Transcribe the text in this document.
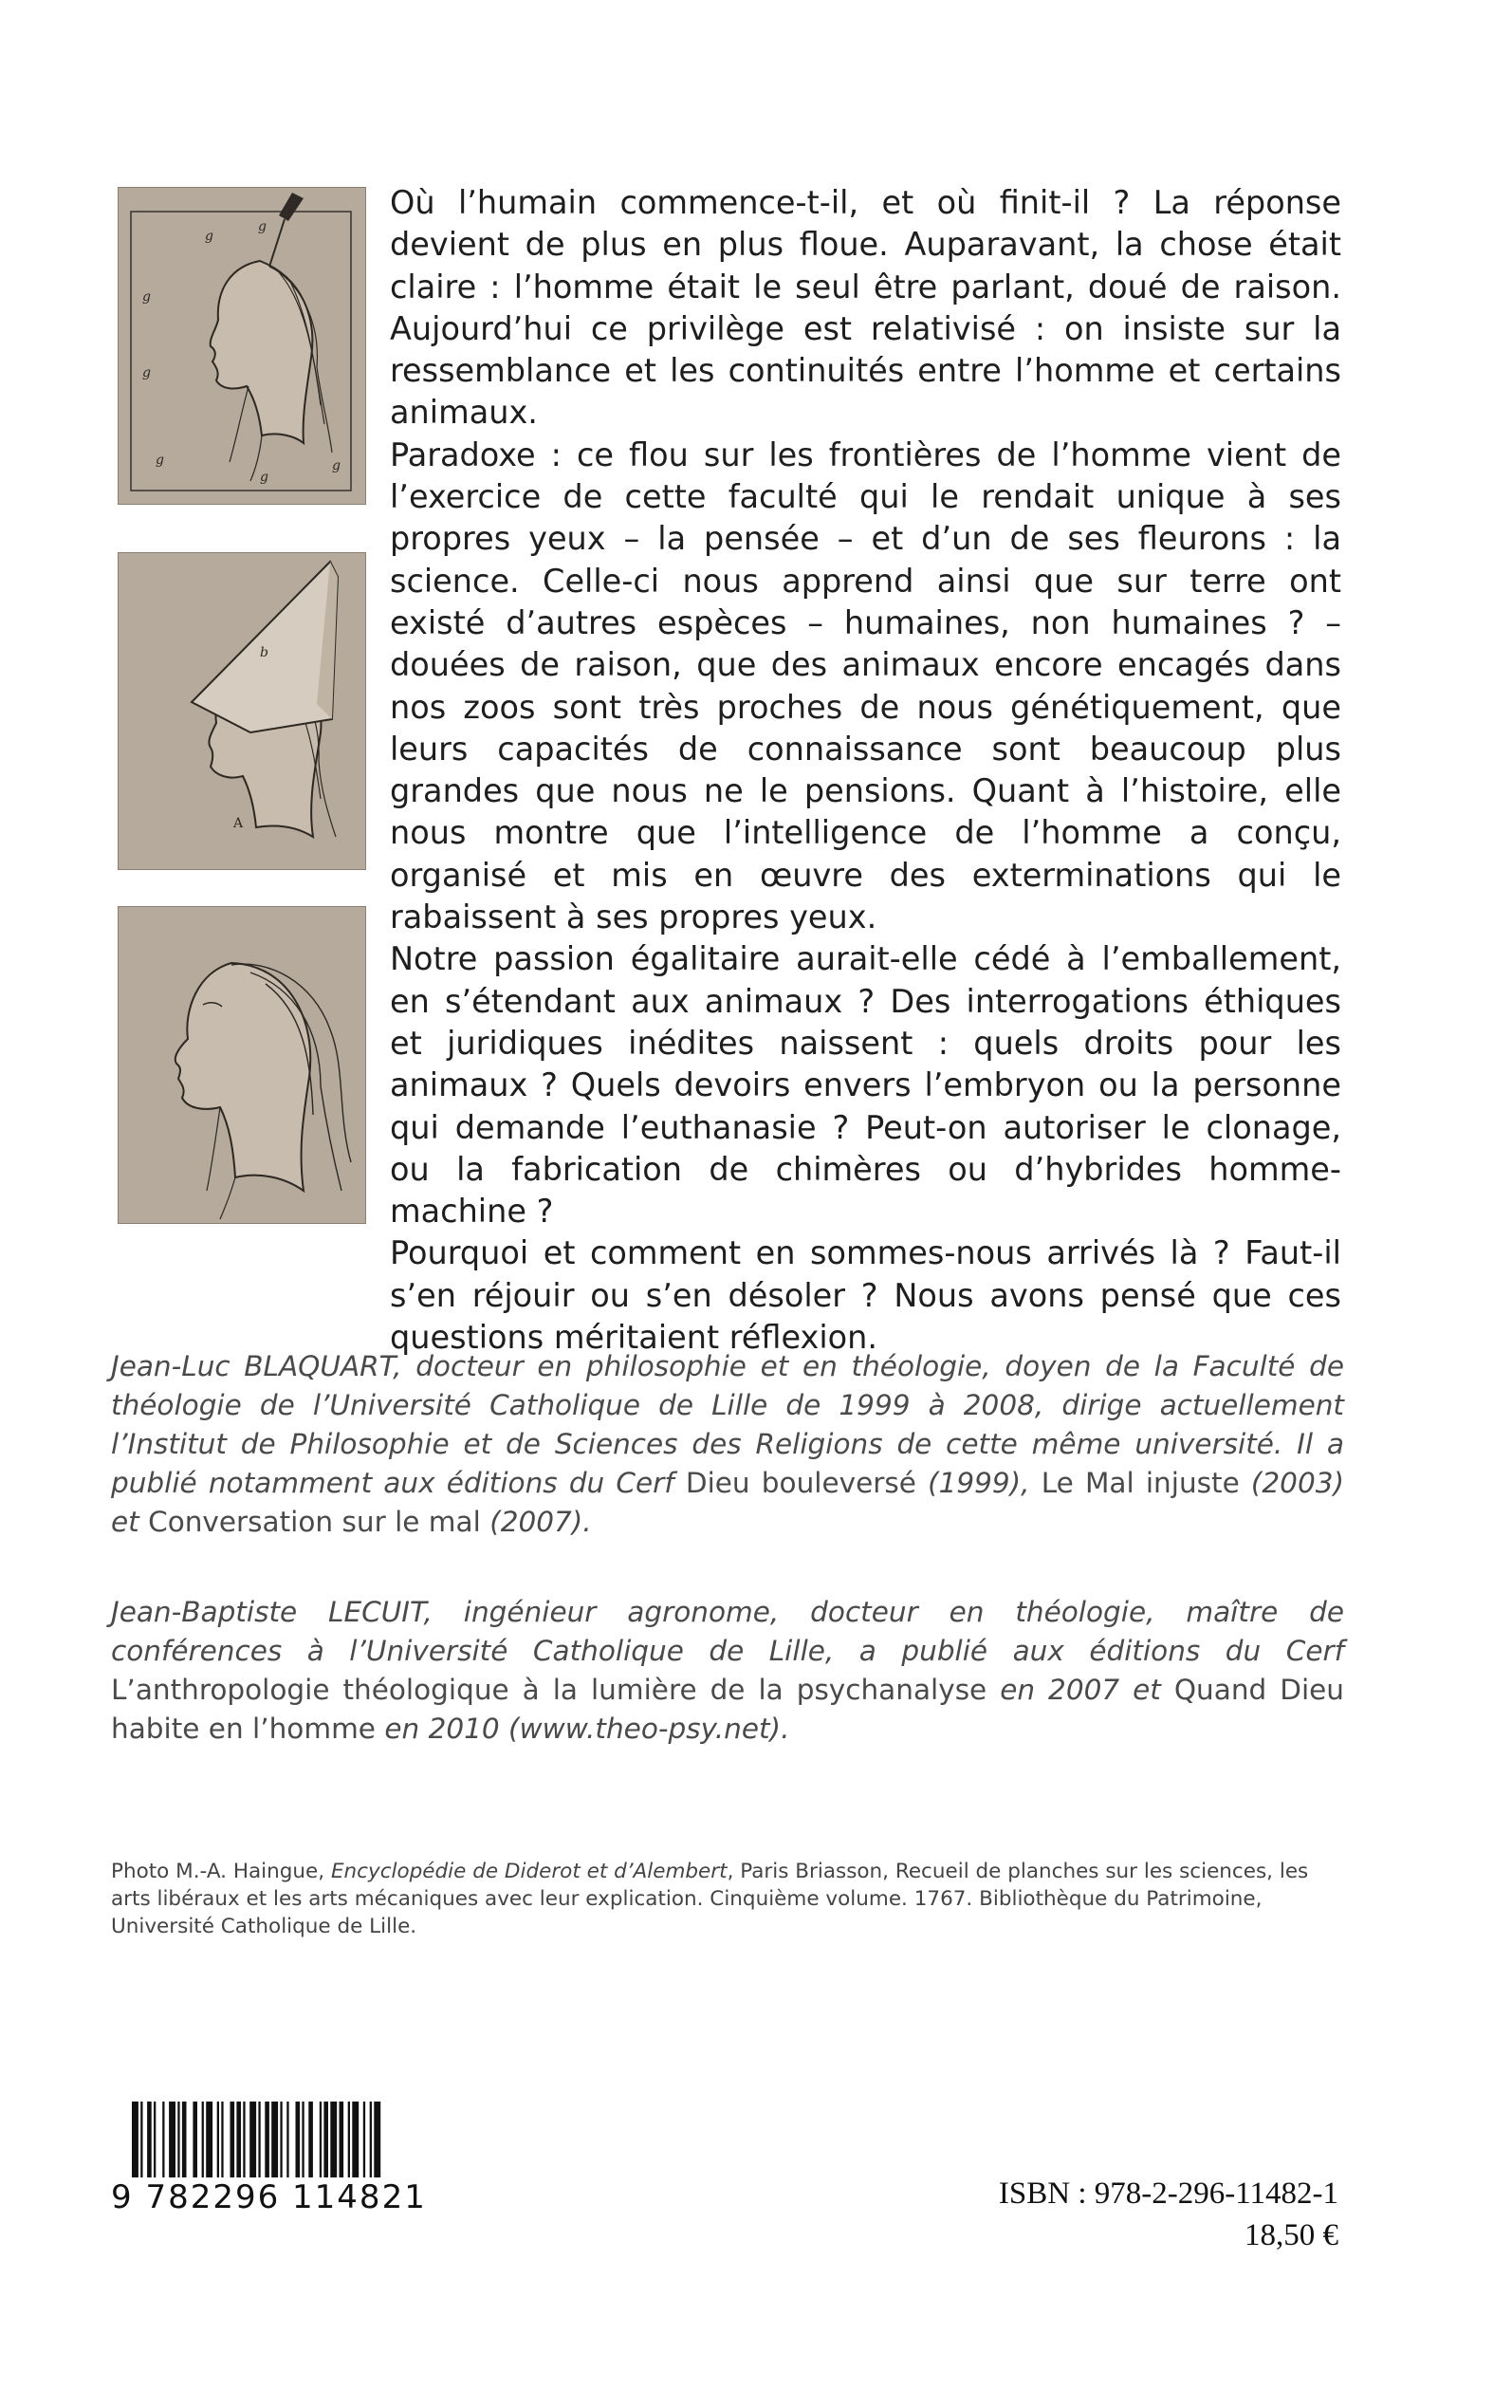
g
g
g
g
g	g
g
b
A

Où l’humain commence-t-il, et où finit-il ? La réponse devient de plus en plus floue. Auparavant, la chose était claire : l’homme était le seul être parlant, doué de raison. Aujourd’hui ce privilège est relativisé : on insiste sur la ressemblance et les continuités entre l’homme et certains animaux.

Paradoxe : ce flou sur les frontières de l’homme vient de l’exercice de cette faculté qui le rendait unique à ses propres yeux – la pensée – et d’un de ses fleurons : la science. Celle-ci nous apprend ainsi que sur terre ont existé d’autres espèces – humaines, non humaines ? – douées de raison, que des animaux encore encagés dans nos zoos sont très proches de nous génétiquement, que leurs capacités de connaissance sont beaucoup plus grandes que nous ne le pensions. Quant à l’histoire, elle nous montre que l’intelligence de l’homme a conçu, organisé et mis en œuvre des exterminations qui le rabaissent à ses propres yeux.

Notre passion égalitaire aurait-elle cédé à l’emballement, en s’étendant aux animaux ? Des interrogations éthiques et juridiques inédites naissent : quels droits pour les animaux ? Quels devoirs envers l’embryon ou la personne qui demande l’euthanasie ? Peut-on autoriser le clonage, ou la fabrication de chimères ou d’hybrides homme-machine ?

Pourquoi et comment en sommes-nous arrivés là ? Faut-il s’en réjouir ou s’en désoler ? Nous avons pensé que ces questions méritaient réflexion.

Jean-Luc BLAQUART, docteur en philosophie et en théologie, doyen de la Faculté de théologie de l’Université Catholique de Lille de 1999 à 2008, dirige actuellement l’Institut de Philosophie et de Sciences des Religions de cette même université. Il a publié notamment aux éditions du Cerf Dieu bouleversé (1999), Le Mal injuste (2003) et Conversation sur le mal (2007).

Jean-Baptiste LECUIT, ingénieur agronome, docteur en théologie, maître de conférences à l’Université Catholique de Lille, a publié aux éditions du Cerf L’anthropologie théologique à la lumière de la psychanalyse en 2007 et Quand Dieu habite en l’homme en 2010 (www.theo-psy.net).

Photo M.-A. Haingue, Encyclopédie de Diderot et d’Alembert, Paris Briasson, Recueil de planches sur les sciences, les arts libéraux et les arts mécaniques avec leur explication. Cinquième volume. 1767. Bibliothèque du Patrimoine, Université Catholique de Lille.

9 782296 114821	ISBN : 978-2-296-11482-1
18,50 €
